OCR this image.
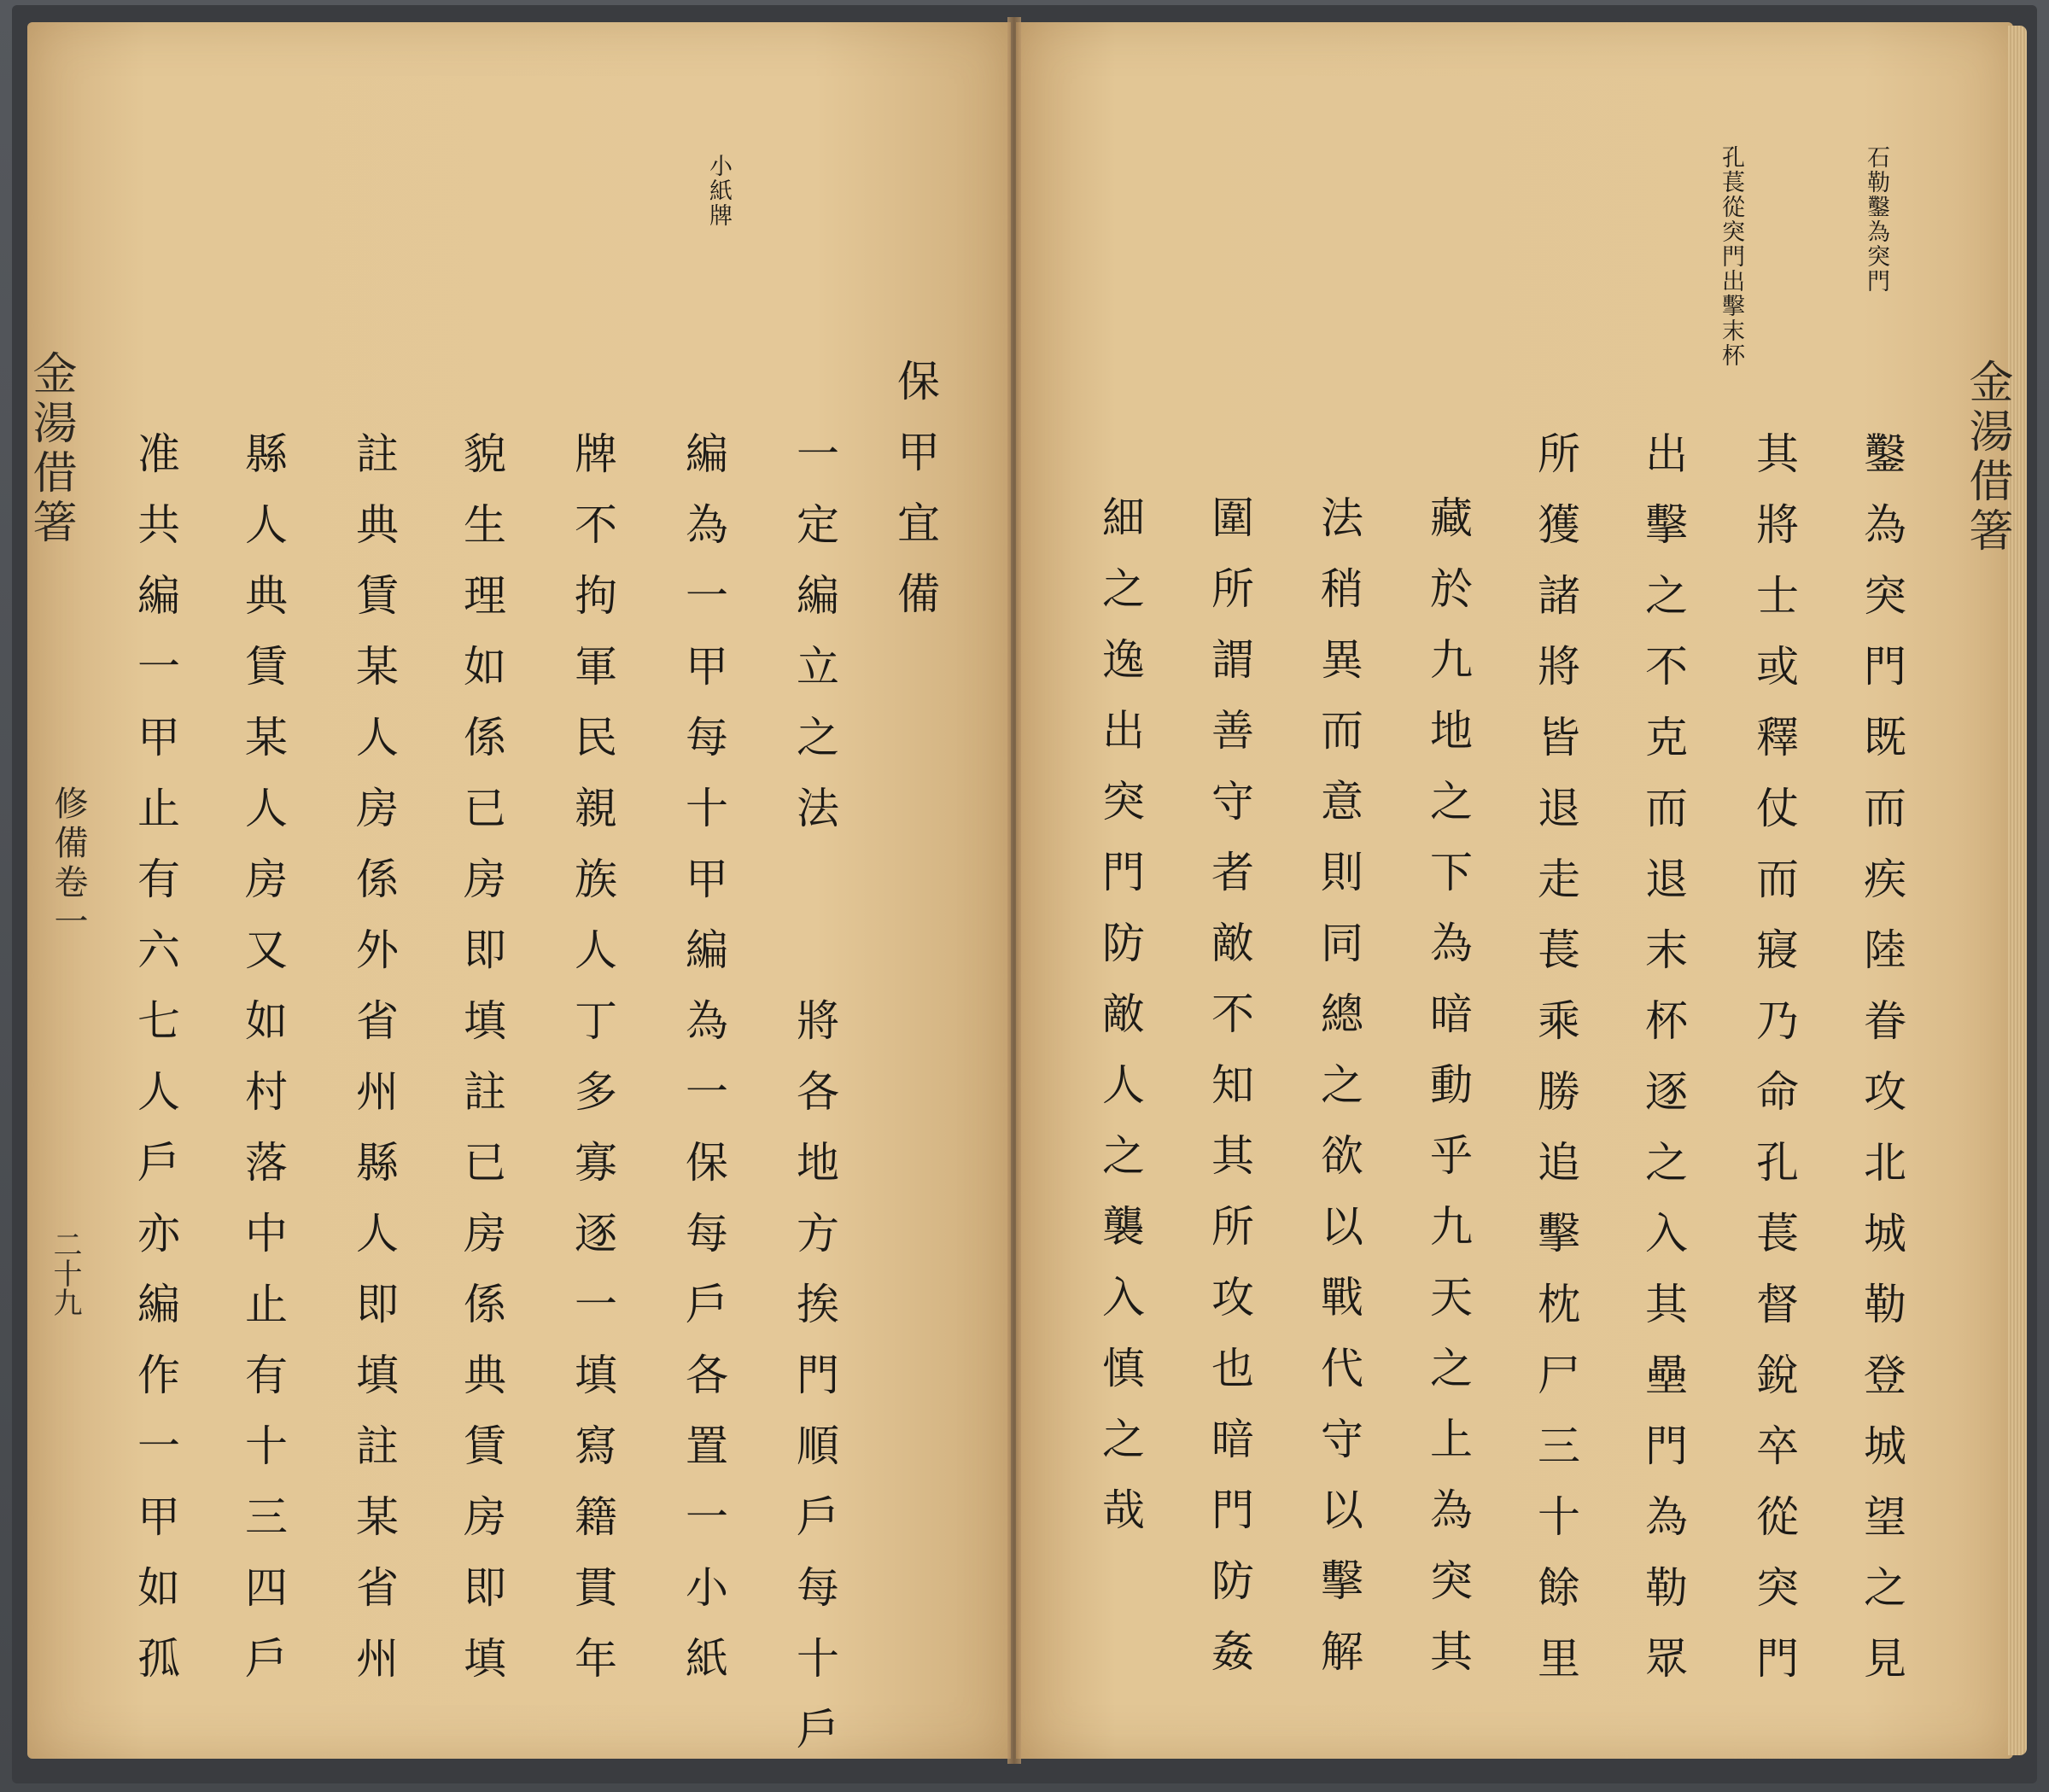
小紙牌
金湯借箸
修備卷一
二十九
保甲宜備
一定編立之法　　將各地方挨門順戶每十戶
編為一甲每十甲編為一保每戶各置一小紙
牌不拘軍民親族人丁多寡逐一填寫籍貫年
貌生理如係已房即填註已房係典賃房即填
註典賃某人房係外省州縣人即填註某省州
縣人典賃某人房又如村落中止有十三四戶
准共編一甲止有六七人戶亦編作一甲如孤
石勒鑿為突門
孔萇從突門出擊末杯
金湯借箸
鑿為突門既而疾陸眷攻北城勒登城望之見
其將士或釋仗而寢乃命孔萇督銳卒從突門
出擊之不克而退末杯逐之入其壘門為勒眾
所獲諸將皆退走萇乘勝追擊枕尸三十餘里
藏於九地之下為暗動乎九天之上為突其
法稍異而意則同總之欲以戰代守以擊解
圍所謂善守者敵不知其所攻也暗門防姦
細之逸出突門防敵人之襲入慎之哉
